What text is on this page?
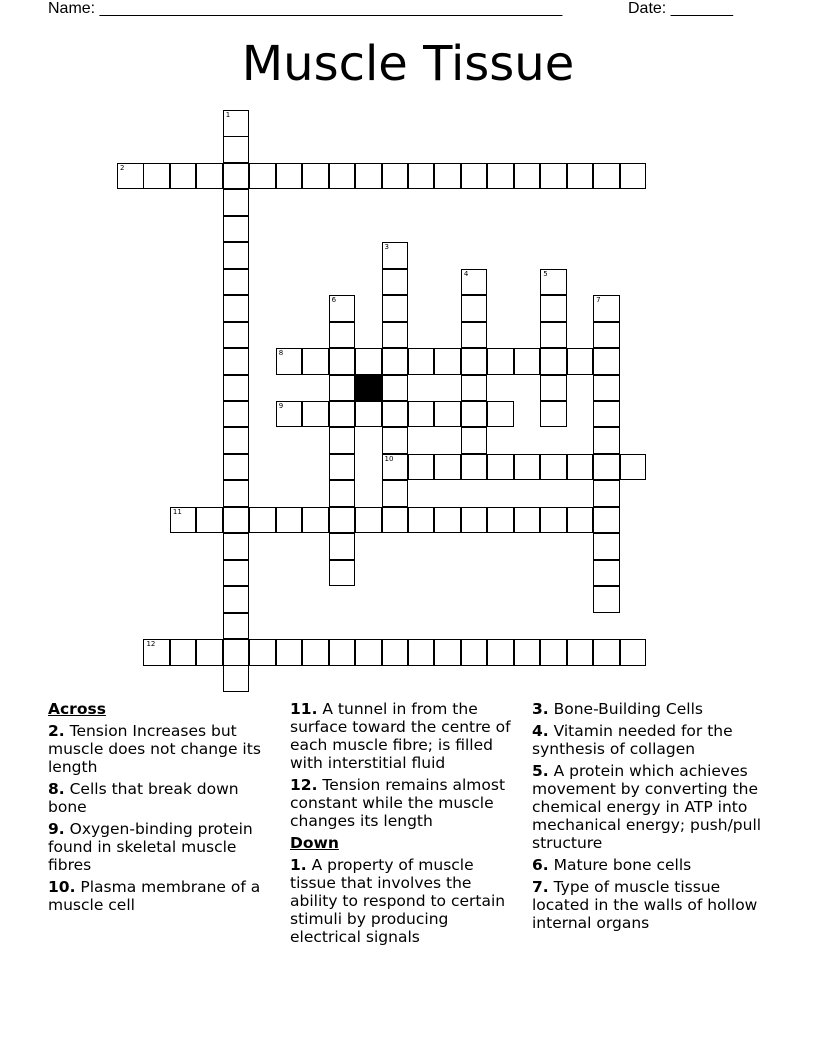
Name: ____________________________________________________	Date: _______
Muscle Tissue
2
8
9
10
11
12
1
3
4	5
6	7
Across
2. Tension Increases but muscle does not change its length
8. Cells that break down bone
9. Oxygen-binding protein found in skeletal muscle fibres
10. Plasma membrane of a muscle cell
11. A tunnel in from the surface toward the centre of each muscle fibre; is filled with interstitial fluid
12. Tension remains almost constant while the muscle changes its length
Down
1. A property of muscle tissue that involves the ability to respond to certain stimuli by producing electrical signals
3. Bone-Building Cells
4. Vitamin needed for the synthesis of collagen
5. A protein which achieves movement by converting the chemical energy in ATP into mechanical energy; push/pull structure
6. Mature bone cells
7. Type of muscle tissue located in the walls of hollow internal organs
